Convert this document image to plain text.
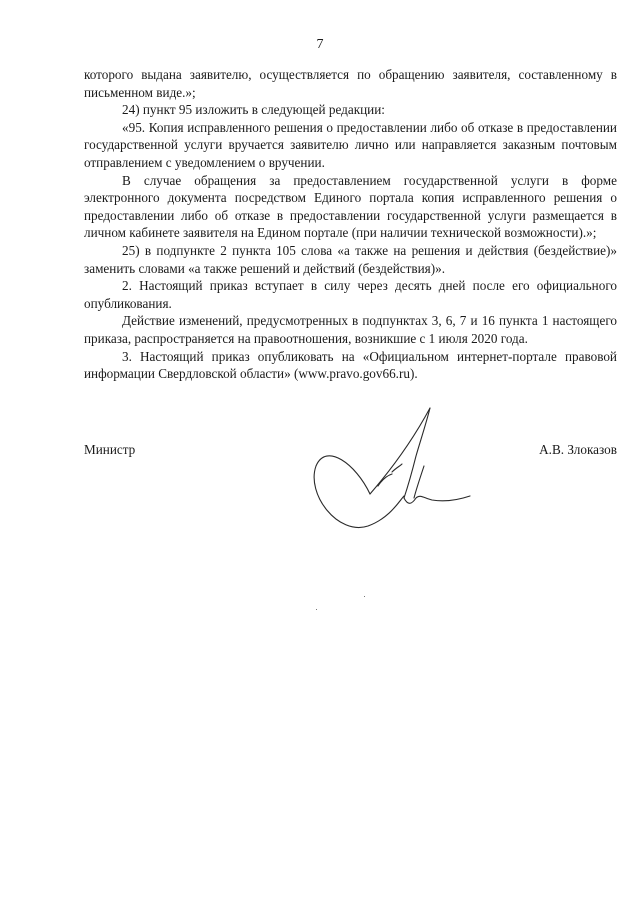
7

которого выдана заявителю, осуществляется по обращению заявителя, составленному в письменном виде.»;

24) пункт 95 изложить в следующей редакции:

«95. Копия исправленного решения о предоставлении либо об отказе в предоставлении государственной услуги вручается заявителю лично или направляется заказным почтовым отправлением с уведомлением о вручении.

В случае обращения за предоставлением государственной услуги в форме электронного документа посредством Единого портала копия исправленного решения о предоставлении либо об отказе в предоставлении государственной услуги размещается в личном кабинете заявителя на Едином портале (при наличии технической возможности).»;

25) в подпункте 2 пункта 105 слова «а также на решения и действия (бездействие)» заменить словами «а также решений и действий (бездействия)».

2. Настоящий приказ вступает в силу через десять дней после его официального опубликования.

Действие изменений, предусмотренных в подпунктах 3, 6, 7 и 16 пункта 1 настоящего приказа, распространяется на правоотношения, возникшие с 1 июля 2020 года.

3. Настоящий приказ опубликовать на «Официальном интернет-портале правовой информации Свердловской области» (www.pravo.gov66.ru).

Министр	А.В. Злоказов
